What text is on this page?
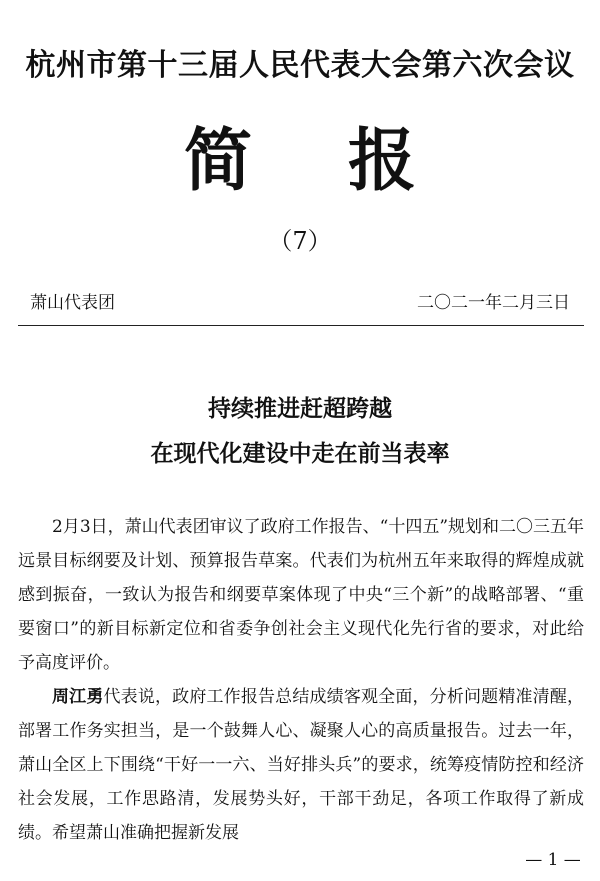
杭州市第十三届人民代表大会第六次会议
简 报
（7）
萧山代表团	二〇二一年二月三日
持续推进赶超跨越
在现代化建设中走在前当表率

2月3日，萧山代表团审议了政府工作报告、“十四五”规划和二〇三五年远景目标纲要及计划、预算报告草案。代表们为杭州五年来取得的辉煌成就感到振奋，一致认为报告和纲要草案体现了中央“三个新”的战略部署、“重要窗口”的新目标新定位和省委争创社会主义现代化先行省的要求，对此给予高度评价。

周江勇代表说，政府工作报告总结成绩客观全面，分析问题精准清醒，部署工作务实担当，是一个鼓舞人心、凝聚人心的高质量报告。过去一年，萧山全区上下围绕“干好一一六、当好排头兵”的要求，统筹疫情防控和经济社会发展，工作思路清，发展势头好，干部干劲足，各项工作取得了新成绩。希望萧山准确把握新发展

— 1 —
